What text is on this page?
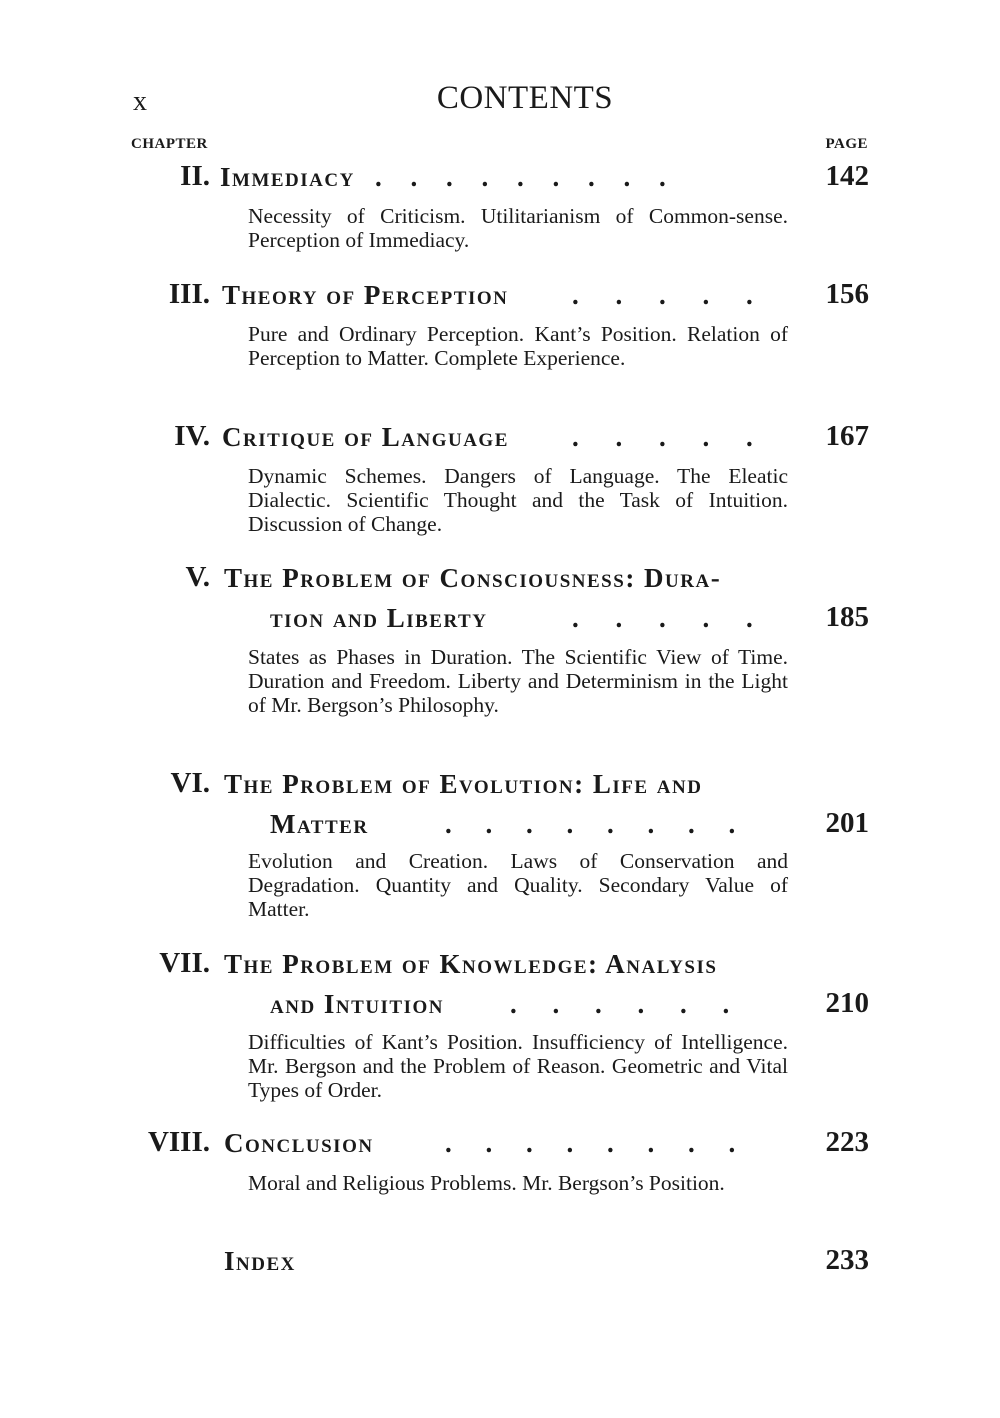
x	CONTENTS
CHAPTER	PAGE
II. Immediacy . . . . . . . . .	142
Necessity of Criticism. Utilitarianism of Common-sense. Perception of Immediacy.
III. Theory of Perception . . . . .	156
Pure and Ordinary Perception. Kant’s Position. Relation of Perception to Matter. Complete Experience.
IV. Critique of Language . . . . .	167
Dynamic Schemes. Dangers of Language. The Eleatic Dialectic. Scientific Thought and the Task of Intuition. Discussion of Change.
V. The Problem of Consciousness: Dura-
tion and Liberty	. . . . .	185
States as Phases in Duration. The Scientific View of Time. Duration and Freedom. Liberty and Determinism in the Light of Mr. Bergson’s Philosophy.
VI. The Problem of Evolution: Life and
Matter	. . . . . . . .	201
Evolution and Creation. Laws of Conservation and Degradation. Quantity and Quality. Secondary Value of Matter.
VII. The Problem of Knowledge: Analysis
and Intuition . . . . . .	210
Difficulties of Kant’s Position. Insufficiency of Intelligence. Mr. Bergson and the Problem of Reason. Geometric and Vital Types of Order.
VIII. Conclusion	. . . . . . . .	223
Moral and Religious Problems. Mr. Bergson’s Position.
Index	233
